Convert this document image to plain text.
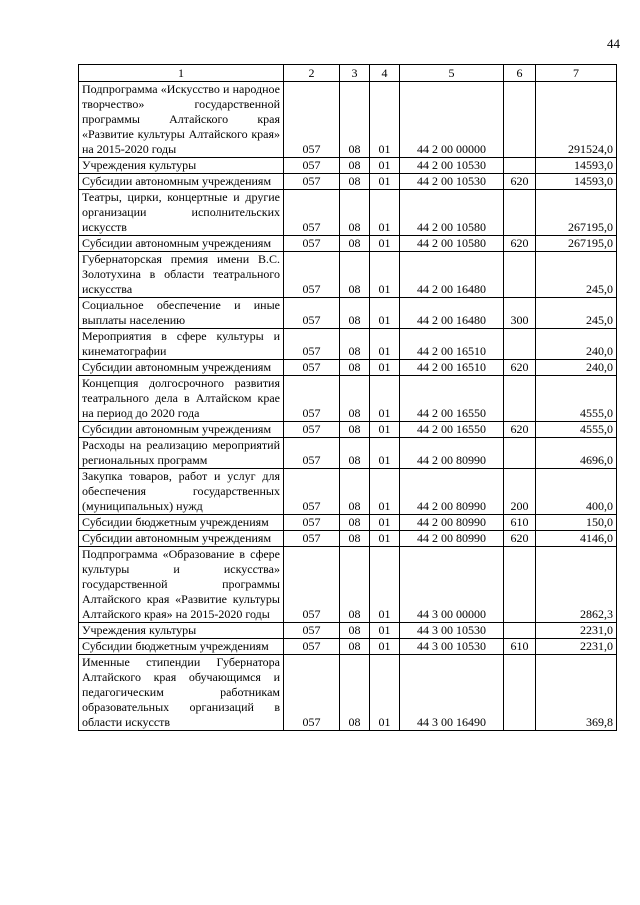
44
1	2	3	4	5	6	7
Подпрограмма «Искусство и народное творчество» государственной программы Алтайского края «Развитие культуры Алтайского края» на 2015-2020 годы	057	08	01	44 2 00 00000		291524,0
Учреждения культуры	057	08	01	44 2 00 10530		14593,0
Субсидии автономным учреждениям	057	08	01	44 2 00 10530	620	14593,0
Театры, цирки, концертные и другие организации исполнительских искусств	057	08	01	44 2 00 10580		267195,0
Субсидии автономным учреждениям	057	08	01	44 2 00 10580	620	267195,0
Губернаторская премия имени В.С. Золотухина в области театрального искусства	057	08	01	44 2 00 16480		245,0
Социальное обеспечение и иные выплаты населению	057	08	01	44 2 00 16480	300	245,0
Мероприятия в сфере культуры и кинематографии	057	08	01	44 2 00 16510		240,0
Субсидии автономным учреждениям	057	08	01	44 2 00 16510	620	240,0
Концепция долгосрочного развития театрального дела в Алтайском крае на период до 2020 года	057	08	01	44 2 00 16550		4555,0
Субсидии автономным учреждениям	057	08	01	44 2 00 16550	620	4555,0
Расходы на реализацию мероприятий региональных программ	057	08	01	44 2 00 80990		4696,0
Закупка товаров, работ и услуг для обеспечения государственных (муниципальных) нужд	057	08	01	44 2 00 80990	200	400,0
Субсидии бюджетным учреждениям	057	08	01	44 2 00 80990	610	150,0
Субсидии автономным учреждениям	057	08	01	44 2 00 80990	620	4146,0
Подпрограмма «Образование в сфере культуры и искусства» государственной программы Алтайского края «Развитие культуры Алтайского края» на 2015-2020 годы	057	08	01	44 3 00 00000		2862,3
Учреждения культуры	057	08	01	44 3 00 10530		2231,0
Субсидии бюджетным учреждениям	057	08	01	44 3 00 10530	610	2231,0
Именные стипендии Губернатора Алтайского края обучающимся и педагогическим работникам образовательных организаций в области искусств	057	08	01	44 3 00 16490		369,8
